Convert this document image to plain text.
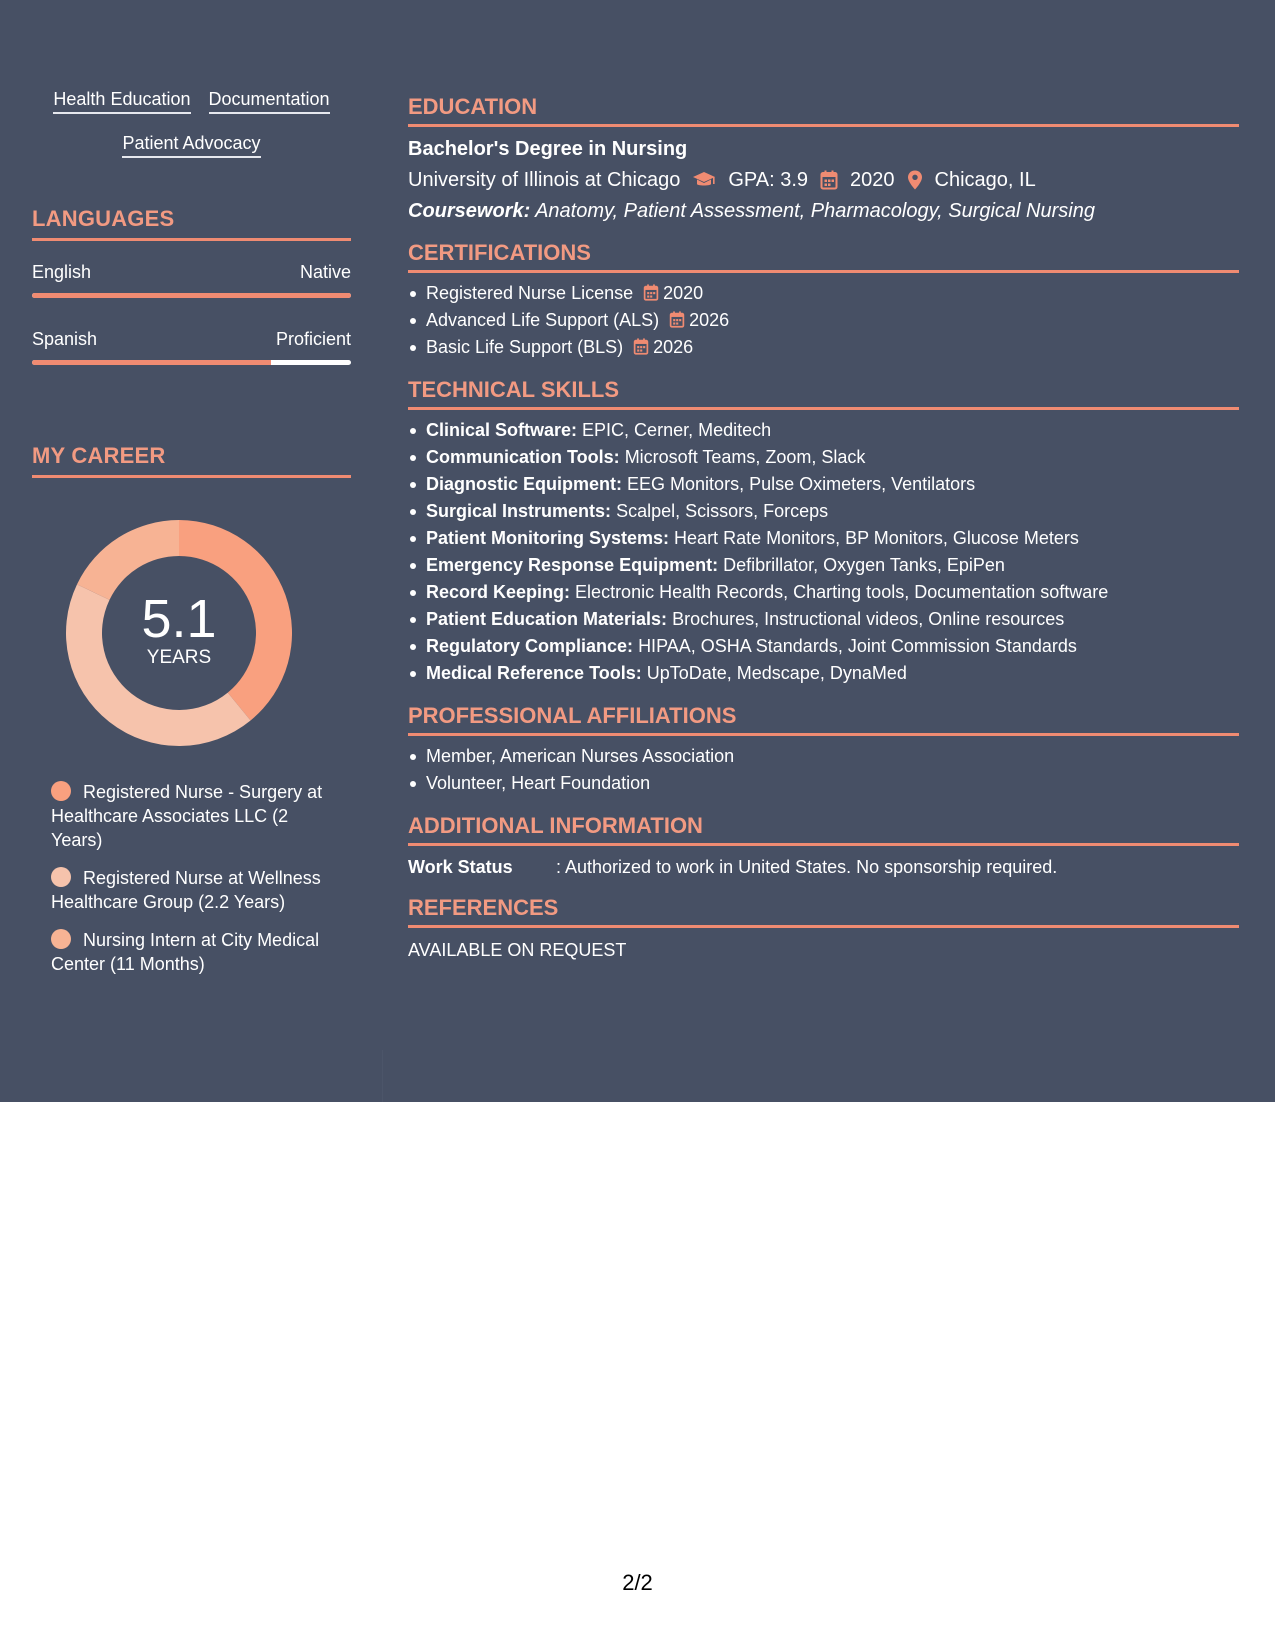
Health Education Documentation
Patient Advocacy
LANGUAGES
English	Native
Spanish	Proficient
MY CAREER
5.1
YEARS
Registered Nurse - Surgery at Healthcare Associates LLC (2 Years)
Registered Nurse at Wellness Healthcare Group (2.2 Years)
Nursing Intern at City Medical Center (11 Months)
EDUCATION
Bachelor's Degree in Nursing
University of Illinois at Chicago GPA: 3.9 2020 Chicago, IL
Coursework: Anatomy, Patient Assessment, Pharmacology, Surgical Nursing
CERTIFICATIONS
Registered Nurse License 2020
Advanced Life Support (ALS) 2026
Basic Life Support (BLS) 2026
TECHNICAL SKILLS
Clinical Software: EPIC, Cerner, Meditech
Communication Tools: Microsoft Teams, Zoom, Slack
Diagnostic Equipment: EEG Monitors, Pulse Oximeters, Ventilators
Surgical Instruments: Scalpel, Scissors, Forceps
Patient Monitoring Systems: Heart Rate Monitors, BP Monitors, Glucose Meters
Emergency Response Equipment: Defibrillator, Oxygen Tanks, EpiPen
Record Keeping: Electronic Health Records, Charting tools, Documentation software
Patient Education Materials: Brochures, Instructional videos, Online resources
Regulatory Compliance: HIPAA, OSHA Standards, Joint Commission Standards
Medical Reference Tools: UpToDate, Medscape, DynaMed
PROFESSIONAL AFFILIATIONS
Member, American Nurses Association
Volunteer, Heart Foundation
ADDITIONAL INFORMATION
Work Status	: Authorized to work in United States. No sponsorship required.
REFERENCES
AVAILABLE ON REQUEST
2/2
